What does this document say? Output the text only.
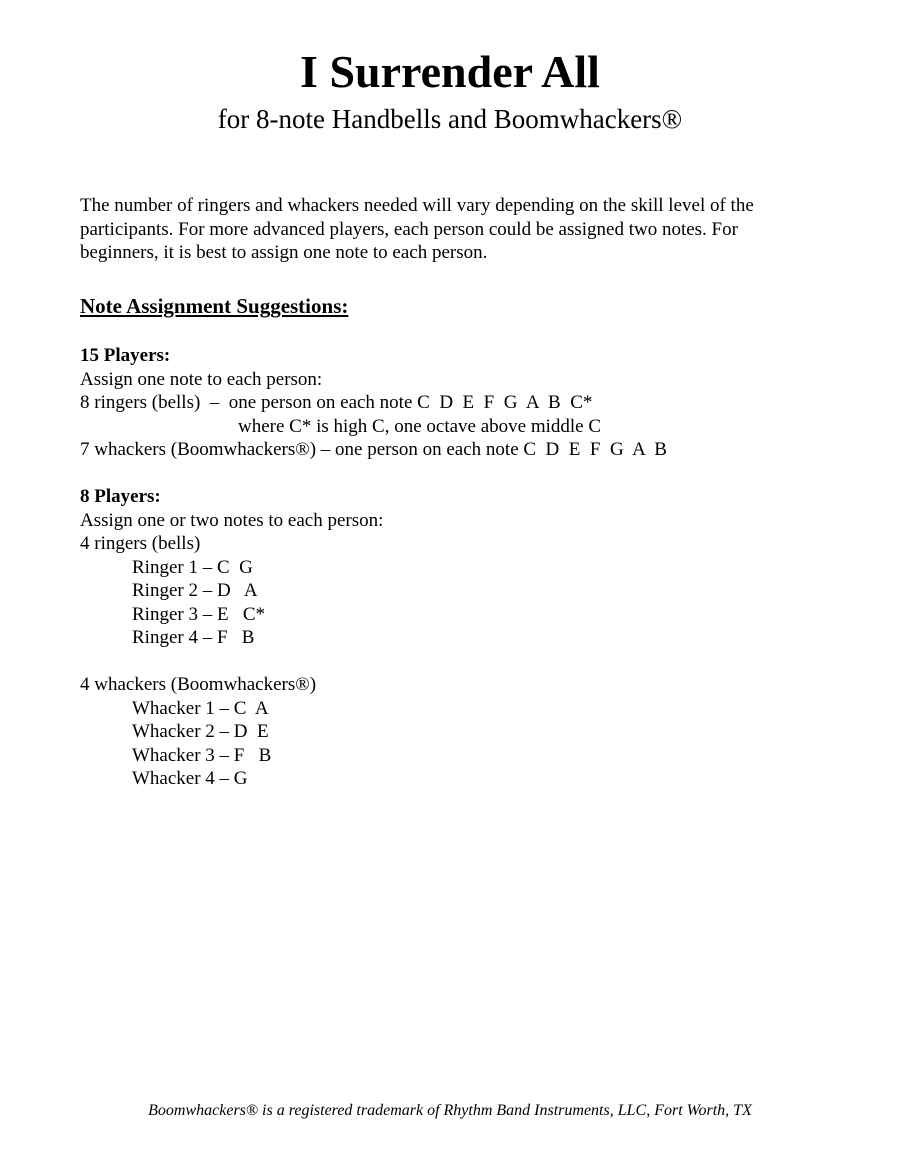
I Surrender All
for 8-note Handbells and Boomwhackers®

The number of ringers and whackers needed will vary depending on the skill level of the participants. For more advanced players, each person could be assigned two notes. For beginners, it is best to assign one note to each person.

Note Assignment Suggestions:
15 Players:
Assign one note to each person:
8 ringers (bells)  –  one person on each note C  D  E  F  G  A  B  C*
where C* is high C, one octave above middle C
7 whackers (Boomwhackers®) – one person on each note C  D  E  F  G  A  B
8 Players:
Assign one or two notes to each person:
4 ringers (bells)
Ringer 1 – C  G
Ringer 2 – D   A
Ringer 3 – E   C*
Ringer 4 – F   B
4 whackers (Boomwhackers®)
Whacker 1 – C  A
Whacker 2 – D  E
Whacker 3 – F   B
Whacker 4 – G
Boomwhackers® is a registered trademark of Rhythm Band Instruments, LLC, Fort Worth, TX
